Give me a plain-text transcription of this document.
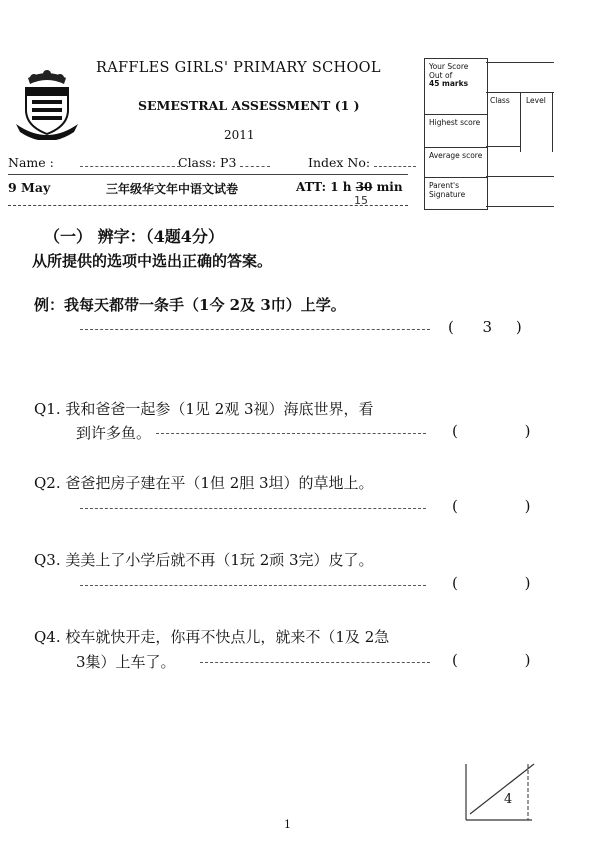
RAFFLES GIRLS' PRIMARY SCHOOL
SEMESTRAL ASSESSMENT (1 )
2011
Name :	Class: P3	Index No:
9 May	三年级华文年中语文试卷	ATT: 1 h 30 min
15
Your Score
Out of
45 marks
Highest score
Average score
Parent's Signature
Class Level
（一） 辨字：（4题4分）
从所提供的选项中选出正确的答案。
例：我每天都带一条手（1今 2及 3巾）上学。
(      3     )
Q1. 我和爸爸一起参（1见 2观 3视）海底世界，看
到许多鱼。	(              )
Q2. 爸爸把房子建在平（1但 2胆 3坦）的草地上。
(              )
Q3. 美美上了小学后就不再（1玩 2顽 3完）皮了。
(              )
Q4. 校车就快开走，你再不快点儿，就来不（1及 2急
3集）上车了。	(              )
4
1
